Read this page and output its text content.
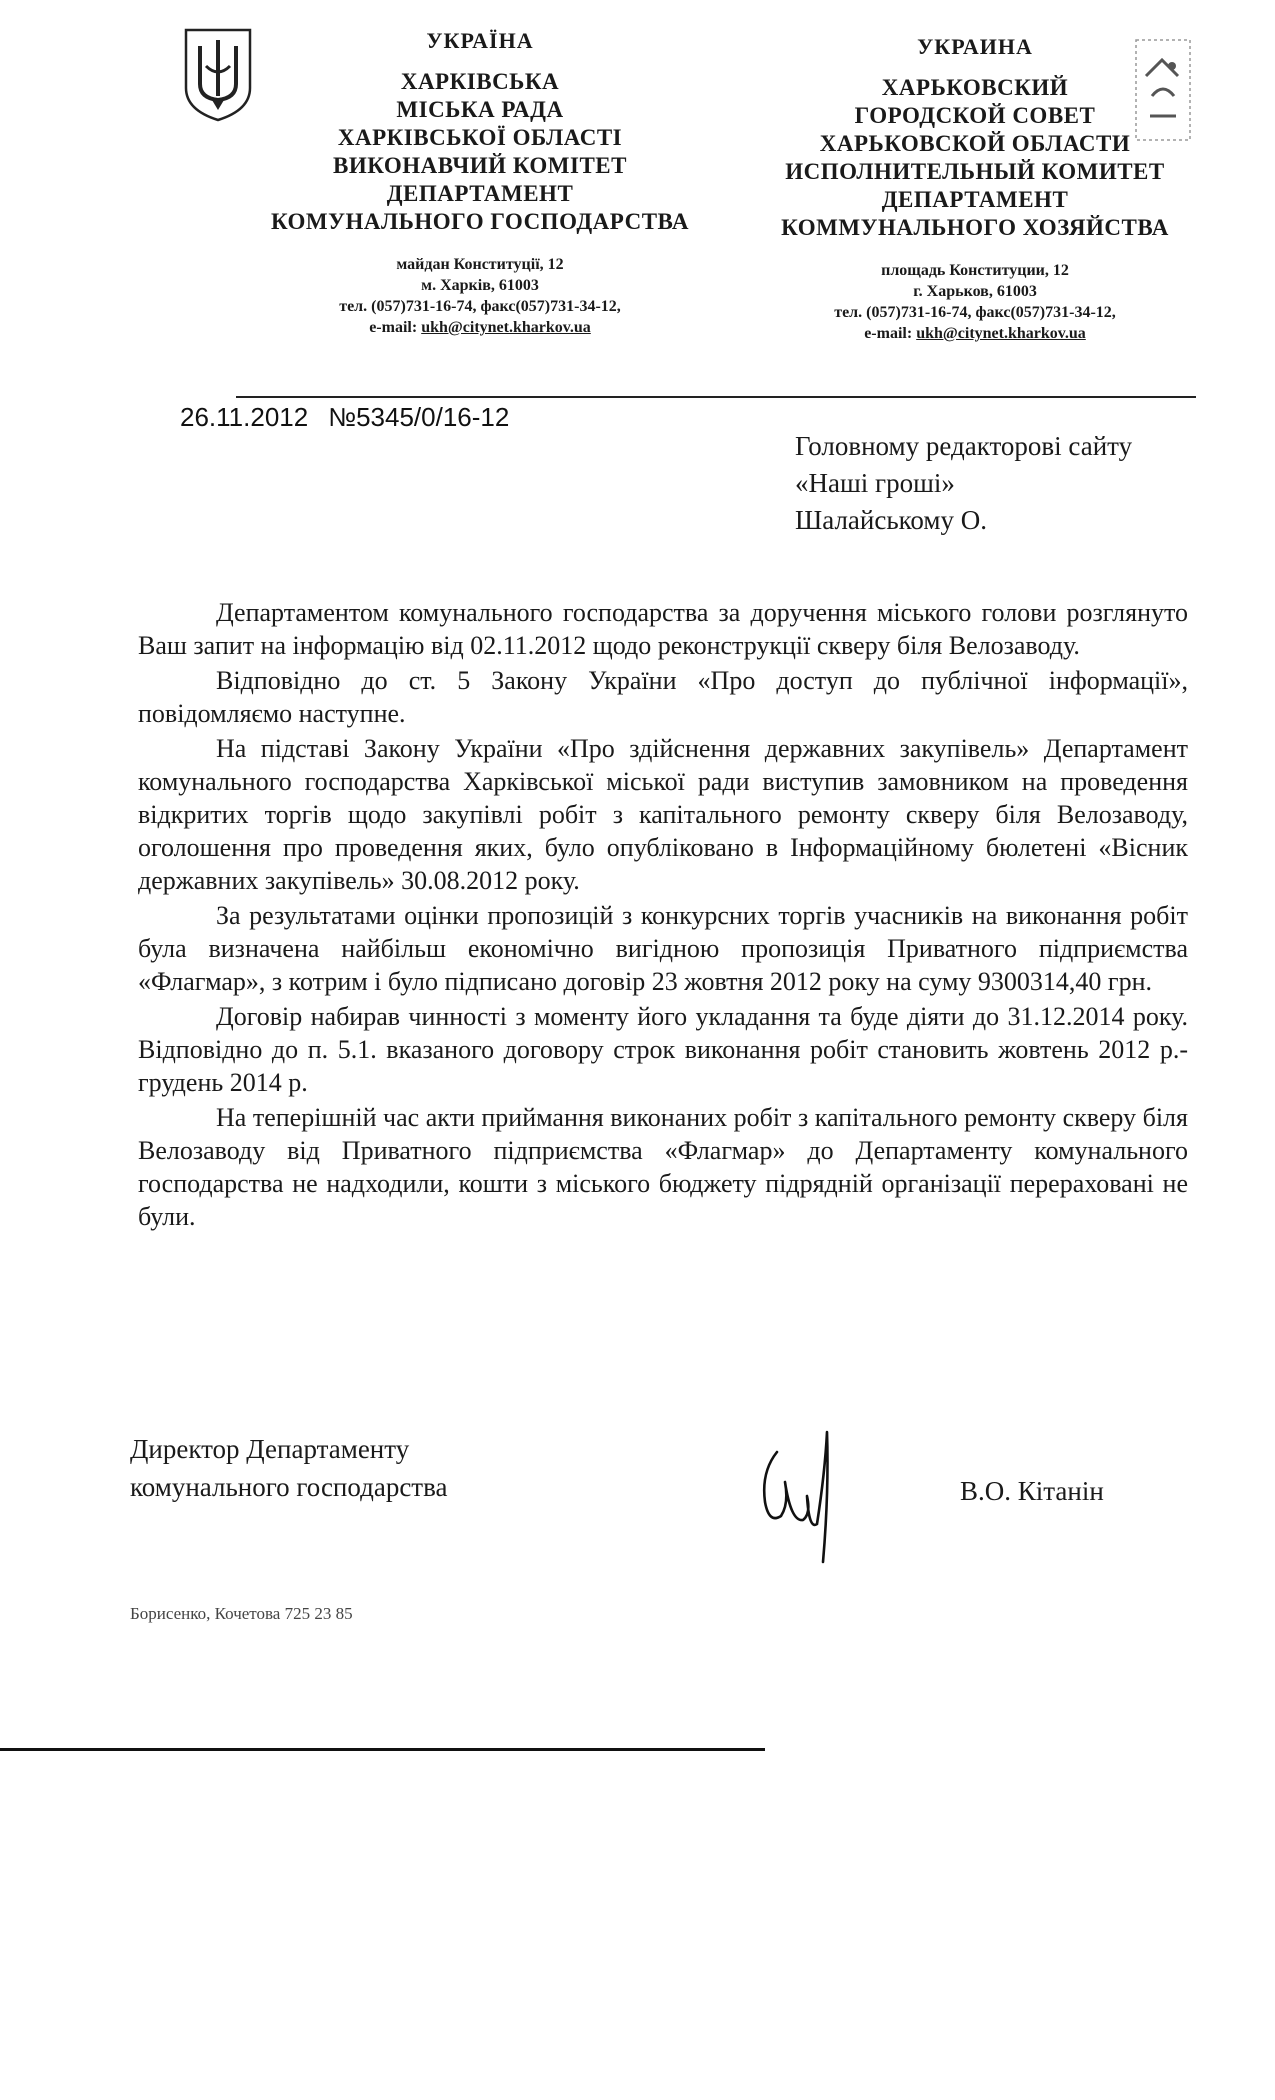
УКРАЇНА
ХАРКІВСЬКА
МІСЬКА РАДА
ХАРКІВСЬКОЇ ОБЛАСТІ
ВИКОНАВЧИЙ КОМІТЕТ
ДЕПАРТАМЕНТ
КОМУНАЛЬНОГО ГОСПОДАРСТВА
майдан Конституції, 12
м. Харків, 61003
тел. (057)731-16-74, факс(057)731-34-12,
e-mail: ukh@citynet.kharkov.ua
УКРАИНА
ХАРЬКОВСКИЙ
ГОРОДСКОЙ СОВЕТ
ХАРЬКОВСКОЙ ОБЛАСТИ
ИСПОЛНИТЕЛЬНЫЙ КОМИТЕТ
ДЕПАРТАМЕНТ
КОММУНАЛЬНОГО ХОЗЯЙСТВА
площадь Конституции, 12
г. Харьков, 61003
тел. (057)731-16-74, факс(057)731-34-12,
e-mail: ukh@citynet.kharkov.ua
26.11.2012 №5345/0/16-12
Головному редакторові сайту
«Наші гроші»
Шалайському О.

Департаментом комунального господарства за доручення міського голови розглянуто Ваш запит на інформацію від 02.11.2012 щодо реконструкції скверу біля Велозаводу.

Відповідно до ст. 5 Закону України «Про доступ до публічної інформації», повідомляємо наступне.

На підставі Закону України «Про здійснення державних закупівель» Департамент комунального господарства Харківської міської ради виступив замовником на проведення відкритих торгів щодо закупівлі робіт з капітального ремонту скверу біля Велозаводу, оголошення про проведення яких, було опубліковано в Інформаційному бюлетені «Вісник державних закупівель» 30.08.2012 року.

За результатами оцінки пропозицій з конкурсних торгів учасників на виконання робіт була визначена найбільш економічно вигідною пропозиція Приватного підприємства «Флагмар», з котрим і було підписано договір 23 жовтня 2012 року на суму 9300314,40 грн.

Договір набирав чинності з моменту його укладання та буде діяти до 31.12.2014 року. Відповідно до п. 5.1. вказаного договору строк виконання робіт становить жовтень 2012 р.-грудень 2014 р.

На теперішній час акти приймання виконаних робіт з капітального ремонту скверу біля Велозаводу від Приватного підприємства «Флагмар» до Департаменту комунального господарства не надходили, кошти з міського бюджету підрядній організації перераховані не були.

Директор Департаменту
комунального господарства	В.О. Кітанін
Борисенко, Кочетова 725 23 85
